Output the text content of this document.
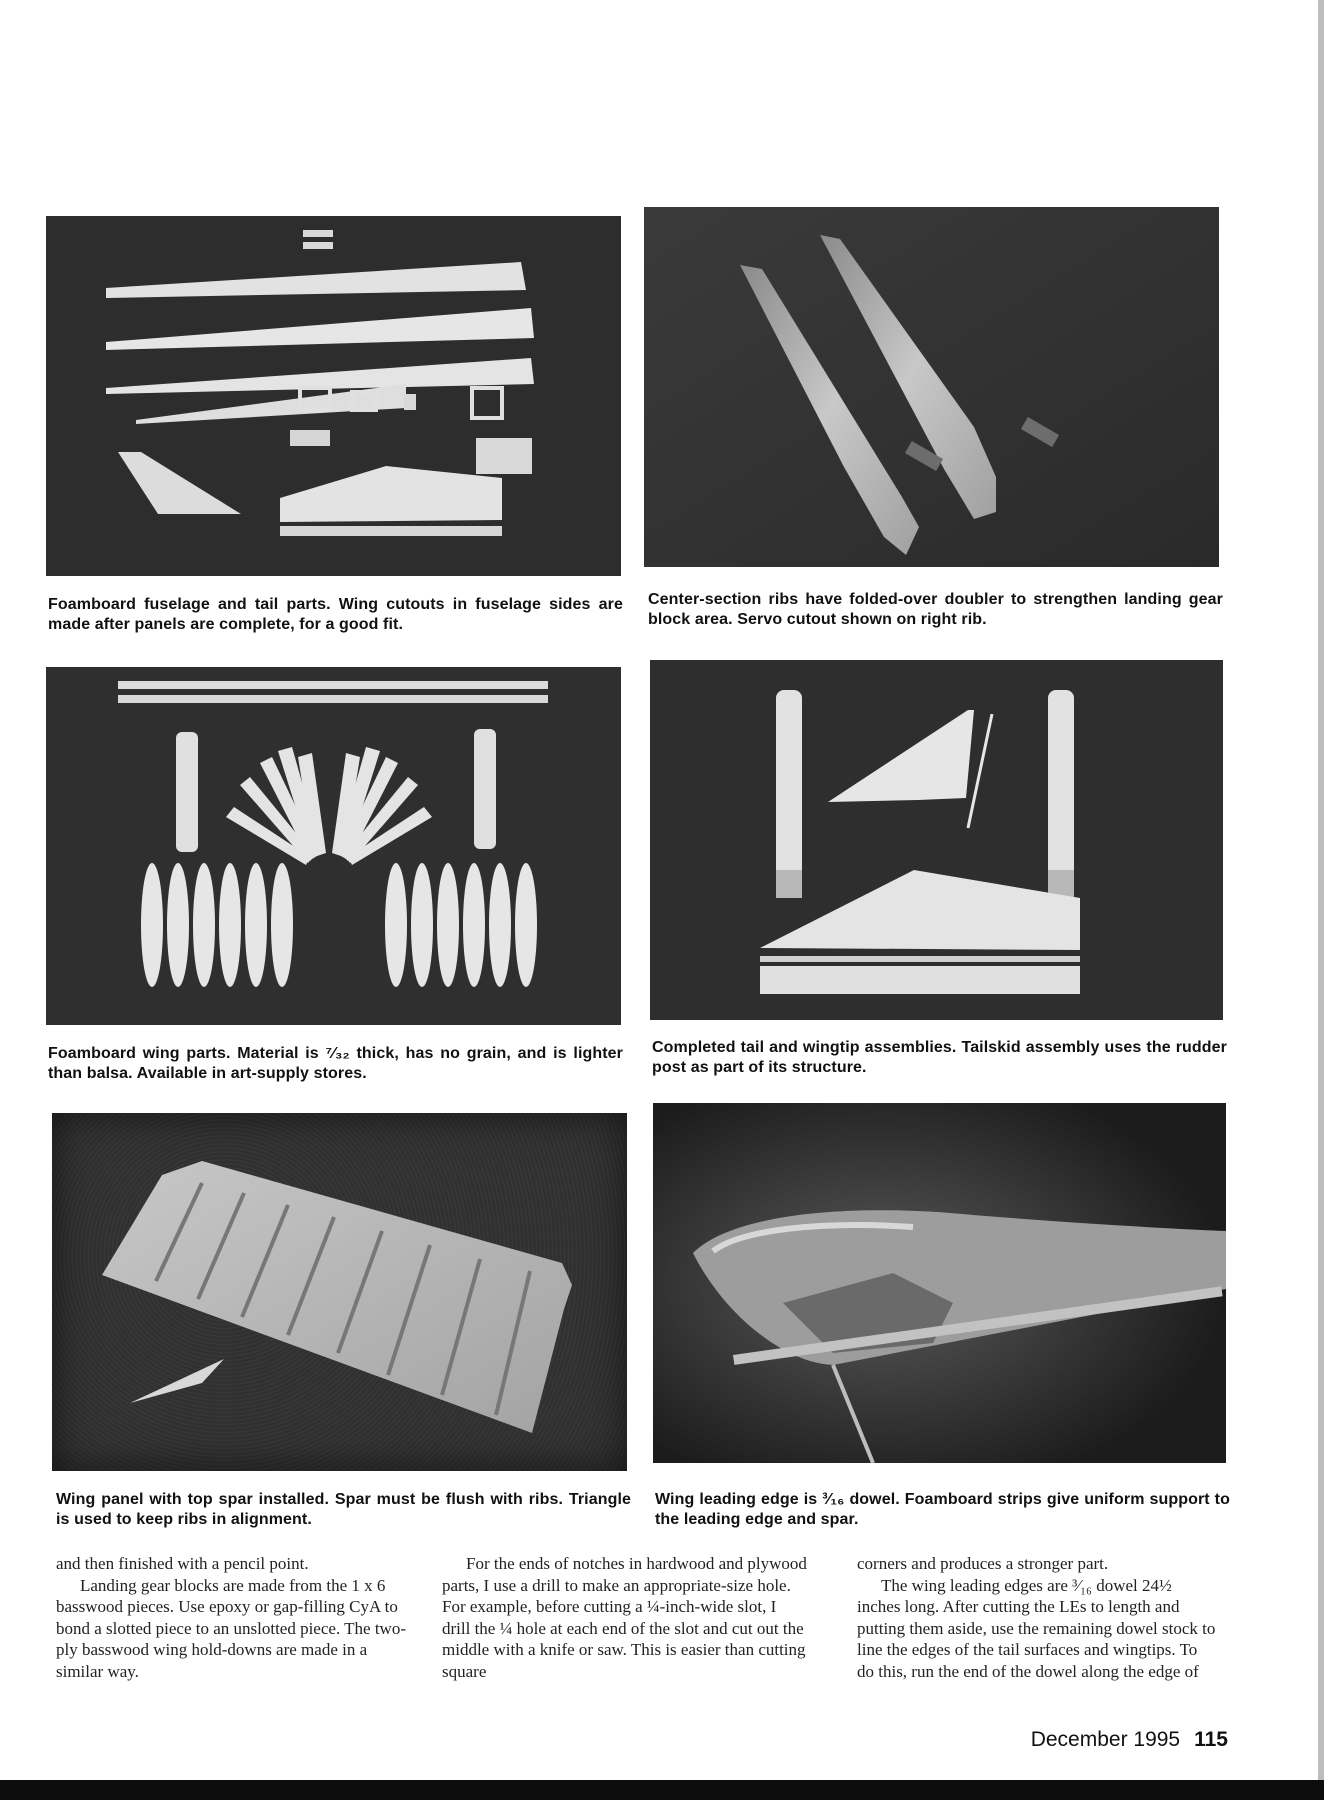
Foamboard fuselage and tail parts. Wing cutouts in fuselage sides are made after panels are complete, for a good fit.
Center-section ribs have folded-over doubler to strengthen landing gear block area. Servo cutout shown on right rib.
Foamboard wing parts. Material is ⁷⁄₃₂ thick, has no grain, and is lighter than balsa. Available in art-supply stores.
Completed tail and wingtip assemblies. Tailskid assembly uses the rudder post as part of its structure.
Wing panel with top spar installed. Spar must be flush with ribs. Triangle is used to keep ribs in alignment.
Wing leading edge is ³⁄₁₆ dowel. Foamboard strips give uniform support to the leading edge and spar.

and then finished with a pencil point.

Landing gear blocks are made from the 1 x 6 basswood pieces. Use epoxy or gap-filling CyA to bond a slotted piece to an unslotted piece. The two-ply basswood wing hold-downs are made in a similar way.

For the ends of notches in hardwood and plywood parts, I use a drill to make an appropriate-size hole. For example, before cutting a ¼-inch-wide slot, I drill the ¼ hole at each end of the slot and cut out the middle with a knife or saw. This is easier than cutting square

corners and produces a stronger part.

The wing leading edges are ³⁄₁₆ dowel 24½ inches long. After cutting the LEs to length and putting them aside, use the remaining dowel stock to line the edges of the tail surfaces and wingtips. To do this, run the end of the dowel along the edge of

December 1995 115
